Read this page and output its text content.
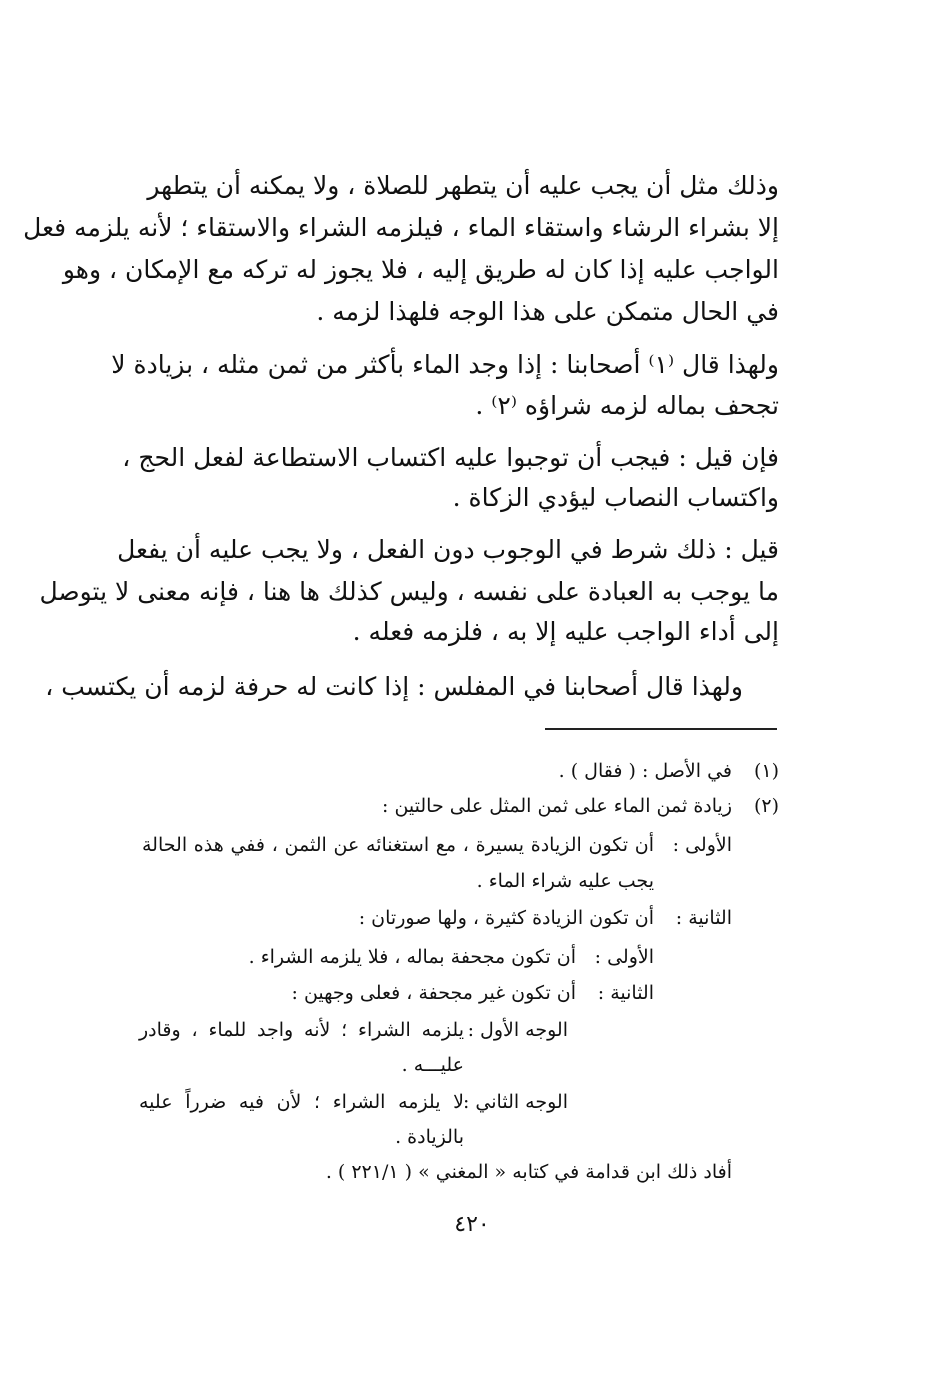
وذلك مثل أن يجب عليه أن يتطهر للصلاة ، ولا يمكنه أن يتطهر
إلا بشراء الرشاء واستقاء الماء ، فيلزمه الشراء والاستقاء ؛ لأنه يلزمه فعل
الواجب عليه إذا كان له طريق إليه ، فلا يجوز له تركه مع الإمكان ، وهو
في الحال متمكن على هذا الوجه فلهذا لزمه .
ولهذا قال ⁽١⁾ أصحابنا : إذا وجد الماء بأكثر من ثمن مثله ، بزيادة لا
تجحف بماله لزمه شراؤه ⁽٢⁾ .
فإن قيل : فيجب أن توجبوا عليه اكتساب الاستطاعة لفعل الحج ،
واكتساب النصاب ليؤدي الزكاة .
قيل : ذلك شرط في الوجوب دون الفعل ، ولا يجب عليه أن يفعل
ما يوجب به العبادة على نفسه ، وليس كذلك ها هنا ، فإنه معنى لا يتوصل
إلى أداء الواجب عليه إلا به ، فلزمه فعله .
ولهذا قال أصحابنا في المفلس : إذا كانت له حرفة لزمه أن يكتسب ،
(١)
في الأصل : ( فقال ) .
(٢)
زيادة ثمن الماء على ثمن المثل على حالتين :
الأولى :
أن تكون الزيادة يسيرة ، مع استغنائه عن الثمن ، ففي هذه الحالة
يجب عليه شراء الماء .
الثانية :
أن تكون الزيادة كثيرة ، ولها صورتان :
الأولى :
أن تكون مجحفة بماله ، فلا يلزمه الشراء .
الثانية :
أن تكون غير مجحفة ، فعلى وجهين :
الوجه الأول :
يلزمه الشراء ؛ لأنه واجد للماء ، وقادر
عليـــه .
الوجه الثاني :
لا يلزمه الشراء ؛ لأن فيه ضرراً عليه
بالزيادة .
أفاد ذلك ابن قدامة في كتابه « المغني » ( ٢٢١/١ ) .
٤٢٠
